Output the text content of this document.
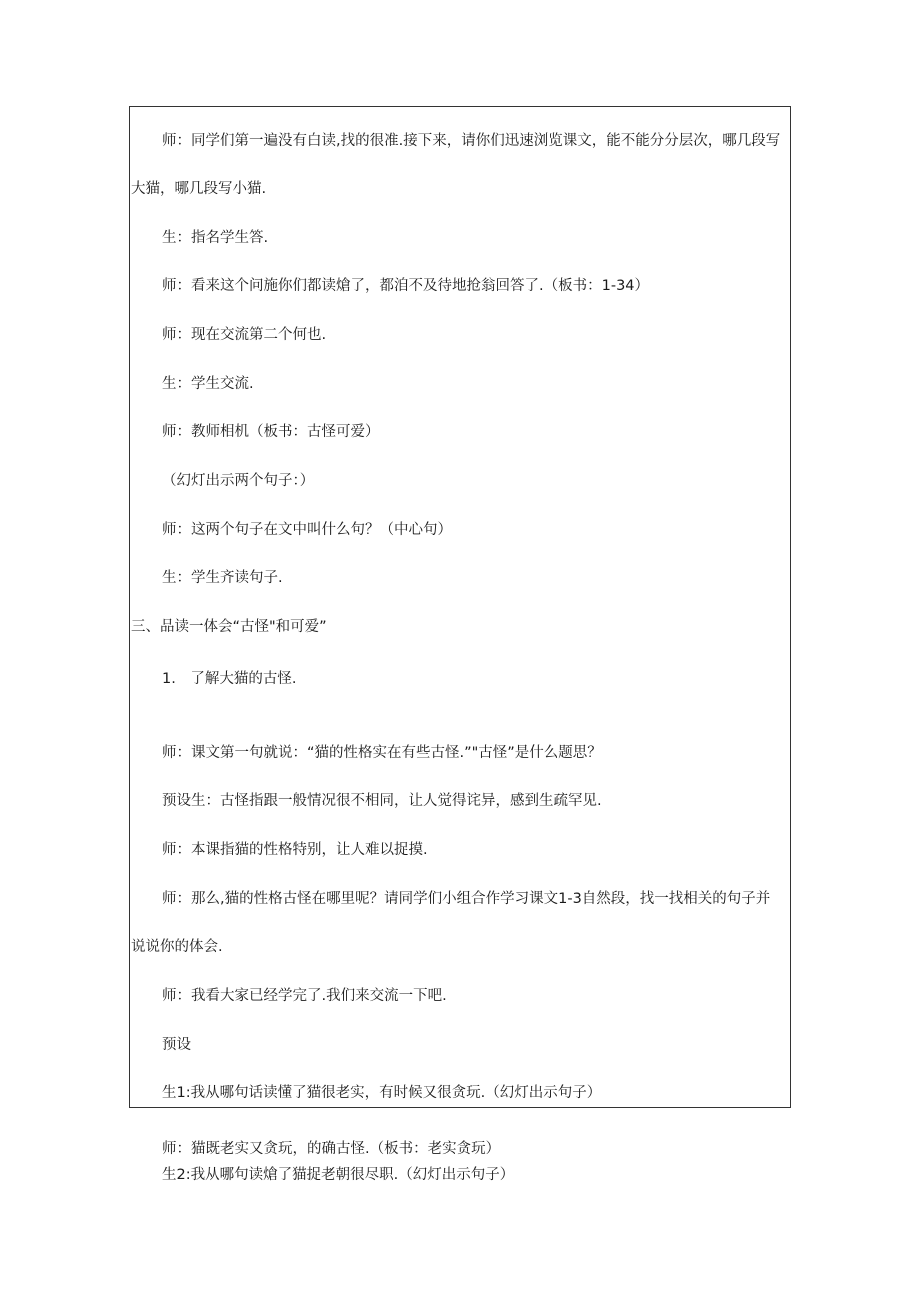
师：同学们第一遍没有白读,找的很准.接下来，请你们迅速浏览课文，能不能分分层次，哪几段写
大猫，哪几段写小猫.
生：指名学生答.
师：看来这个问施你们都读熗了，都洎不及待地抢翁回答了.（板书：1-34）
师：现在交流第二个何也.
生：学生交流.
师：教师相机（板书：古怪可爱）
（幻灯出示两个句子：）
师：这两个句子在文中叫什么句？（中心句）
生：学生齐读句子.
三、品读一体会“古怪"和可爱”
1.　了解大猫的古怪.
师：课文第一句就说：“猫的性格实在有些古怪.”"古怪”是什么题思？
预设生：古怪指跟一般情况很不相同，让人觉得诧异，感到生疏罕见.
师：本课指猫的性格特别，让人难以捉摸.
师：那么,猫的性格古怪在哪里呢？请同学们小组合作学习课文1-3自然段，找一找相关的句子并
说说你的体会.
师：我看大家已经学完了.我们来交流一下吧.
预设
生1:我从哪句话读懂了猫很老实，有时候又很贪玩.（幻灯出示句子）
师：猫既老实又贪玩，的确古怪.（板书：老实贪玩）
生2:我从哪句读熗了猫捉老朝很尽职.（幻灯出示句子）
